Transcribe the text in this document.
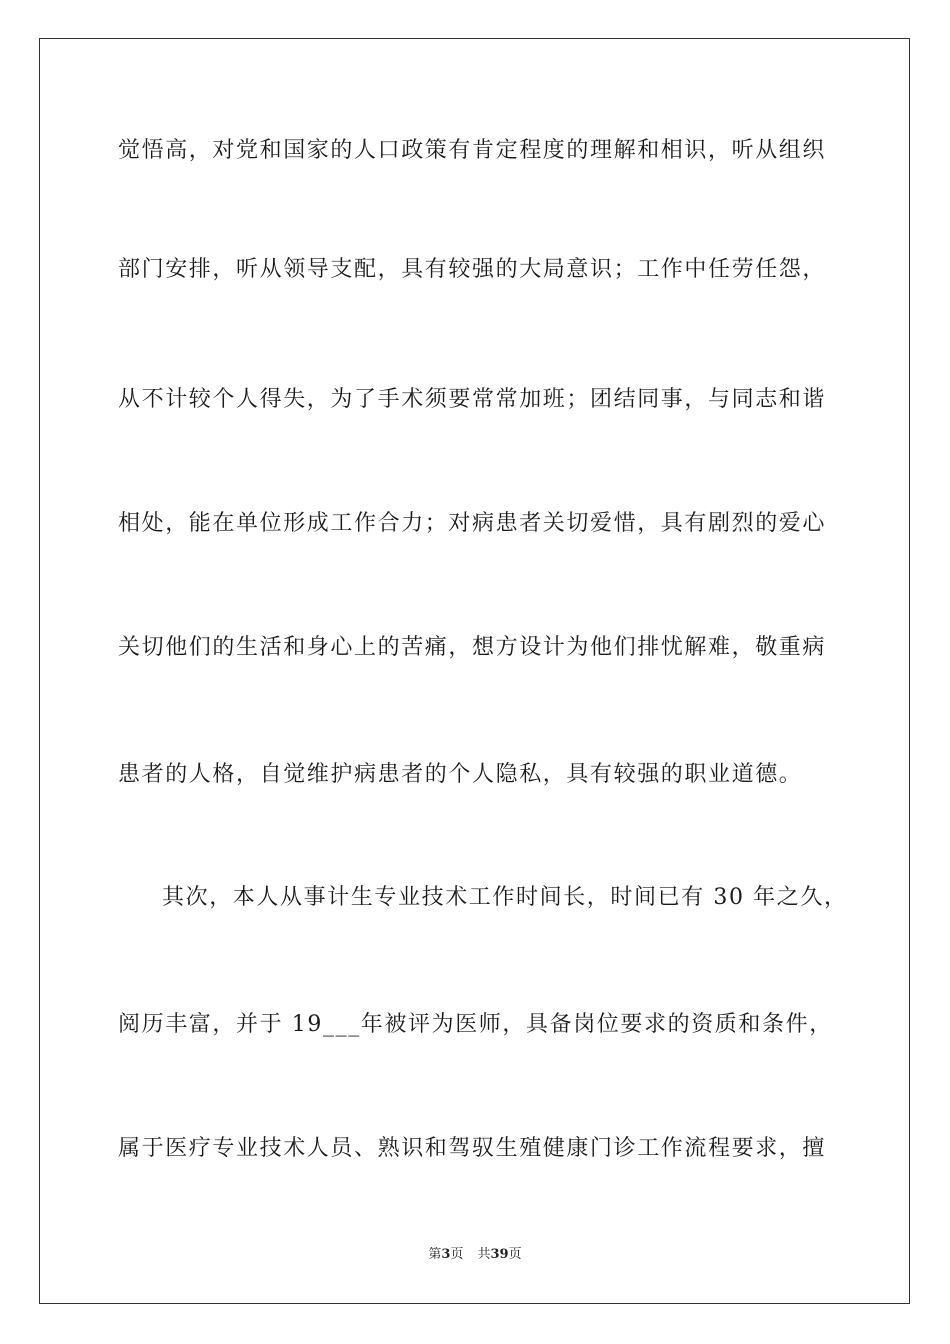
觉悟高，对党和国家的人口政策有肯定程度的理解和相识，听从组织
部门安排，听从领导支配，具有较强的大局意识；工作中任劳任怨，
从不计较个人得失，为了手术须要常常加班；团结同事，与同志和谐
相处，能在单位形成工作合力；对病患者关切爱惜，具有剧烈的爱心
关切他们的生活和身心上的苦痛，想方设计为他们排忧解难，敬重病
患者的人格，自觉维护病患者的个人隐私，具有较强的职业道德。
其次，本人从事计生专业技术工作时间长，时间已有 30 年之久，
阅历丰富，并于 19___年被评为医师，具备岗位要求的资质和条件，
属于医疗专业技术人员、熟识和驾驭生殖健康门诊工作流程要求，擅
第3页 共39页
